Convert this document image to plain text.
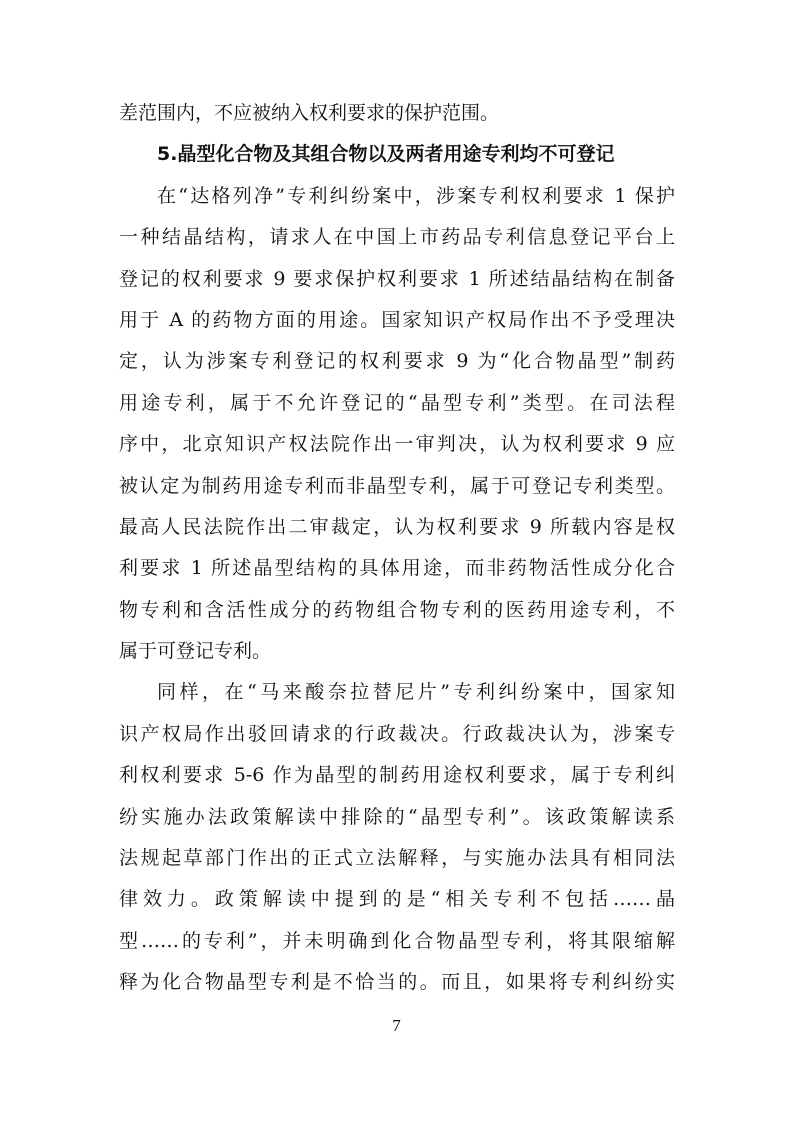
差范围内，不应被纳入权利要求的保护范围。
5.晶型化合物及其组合物以及两者用途专利均不可登记
在“达格列净”专利纠纷案中，涉案专利权利要求 1 保护
一种结晶结构，请求人在中国上市药品专利信息登记平台上
登记的权利要求 9 要求保护权利要求 1 所述结晶结构在制备
用于 A 的药物方面的用途。国家知识产权局作出不予受理决
定，认为涉案专利登记的权利要求 9 为“化合物晶型”制药
用途专利，属于不允许登记的“晶型专利”类型。在司法程
序中，北京知识产权法院作出一审判决，认为权利要求 9 应
被认定为制药用途专利而非晶型专利，属于可登记专利类型。
最高人民法院作出二审裁定，认为权利要求 9 所载内容是权
利要求 1 所述晶型结构的具体用途，而非药物活性成分化合
物专利和含活性成分的药物组合物专利的医药用途专利，不
属于可登记专利。
同样，在“马来酸奈拉替尼片”专利纠纷案中，国家知
识产权局作出驳回请求的行政裁决。行政裁决认为，涉案专
利权利要求 5-6 作为晶型的制药用途权利要求，属于专利纠
纷实施办法政策解读中排除的“晶型专利”。该政策解读系
法规起草部门作出的正式立法解释，与实施办法具有相同法
律效力。政策解读中提到的是“相关专利不包括……晶
型……的专利”，并未明确到化合物晶型专利，将其限缩解
释为化合物晶型专利是不恰当的。而且，如果将专利纠纷实
7
